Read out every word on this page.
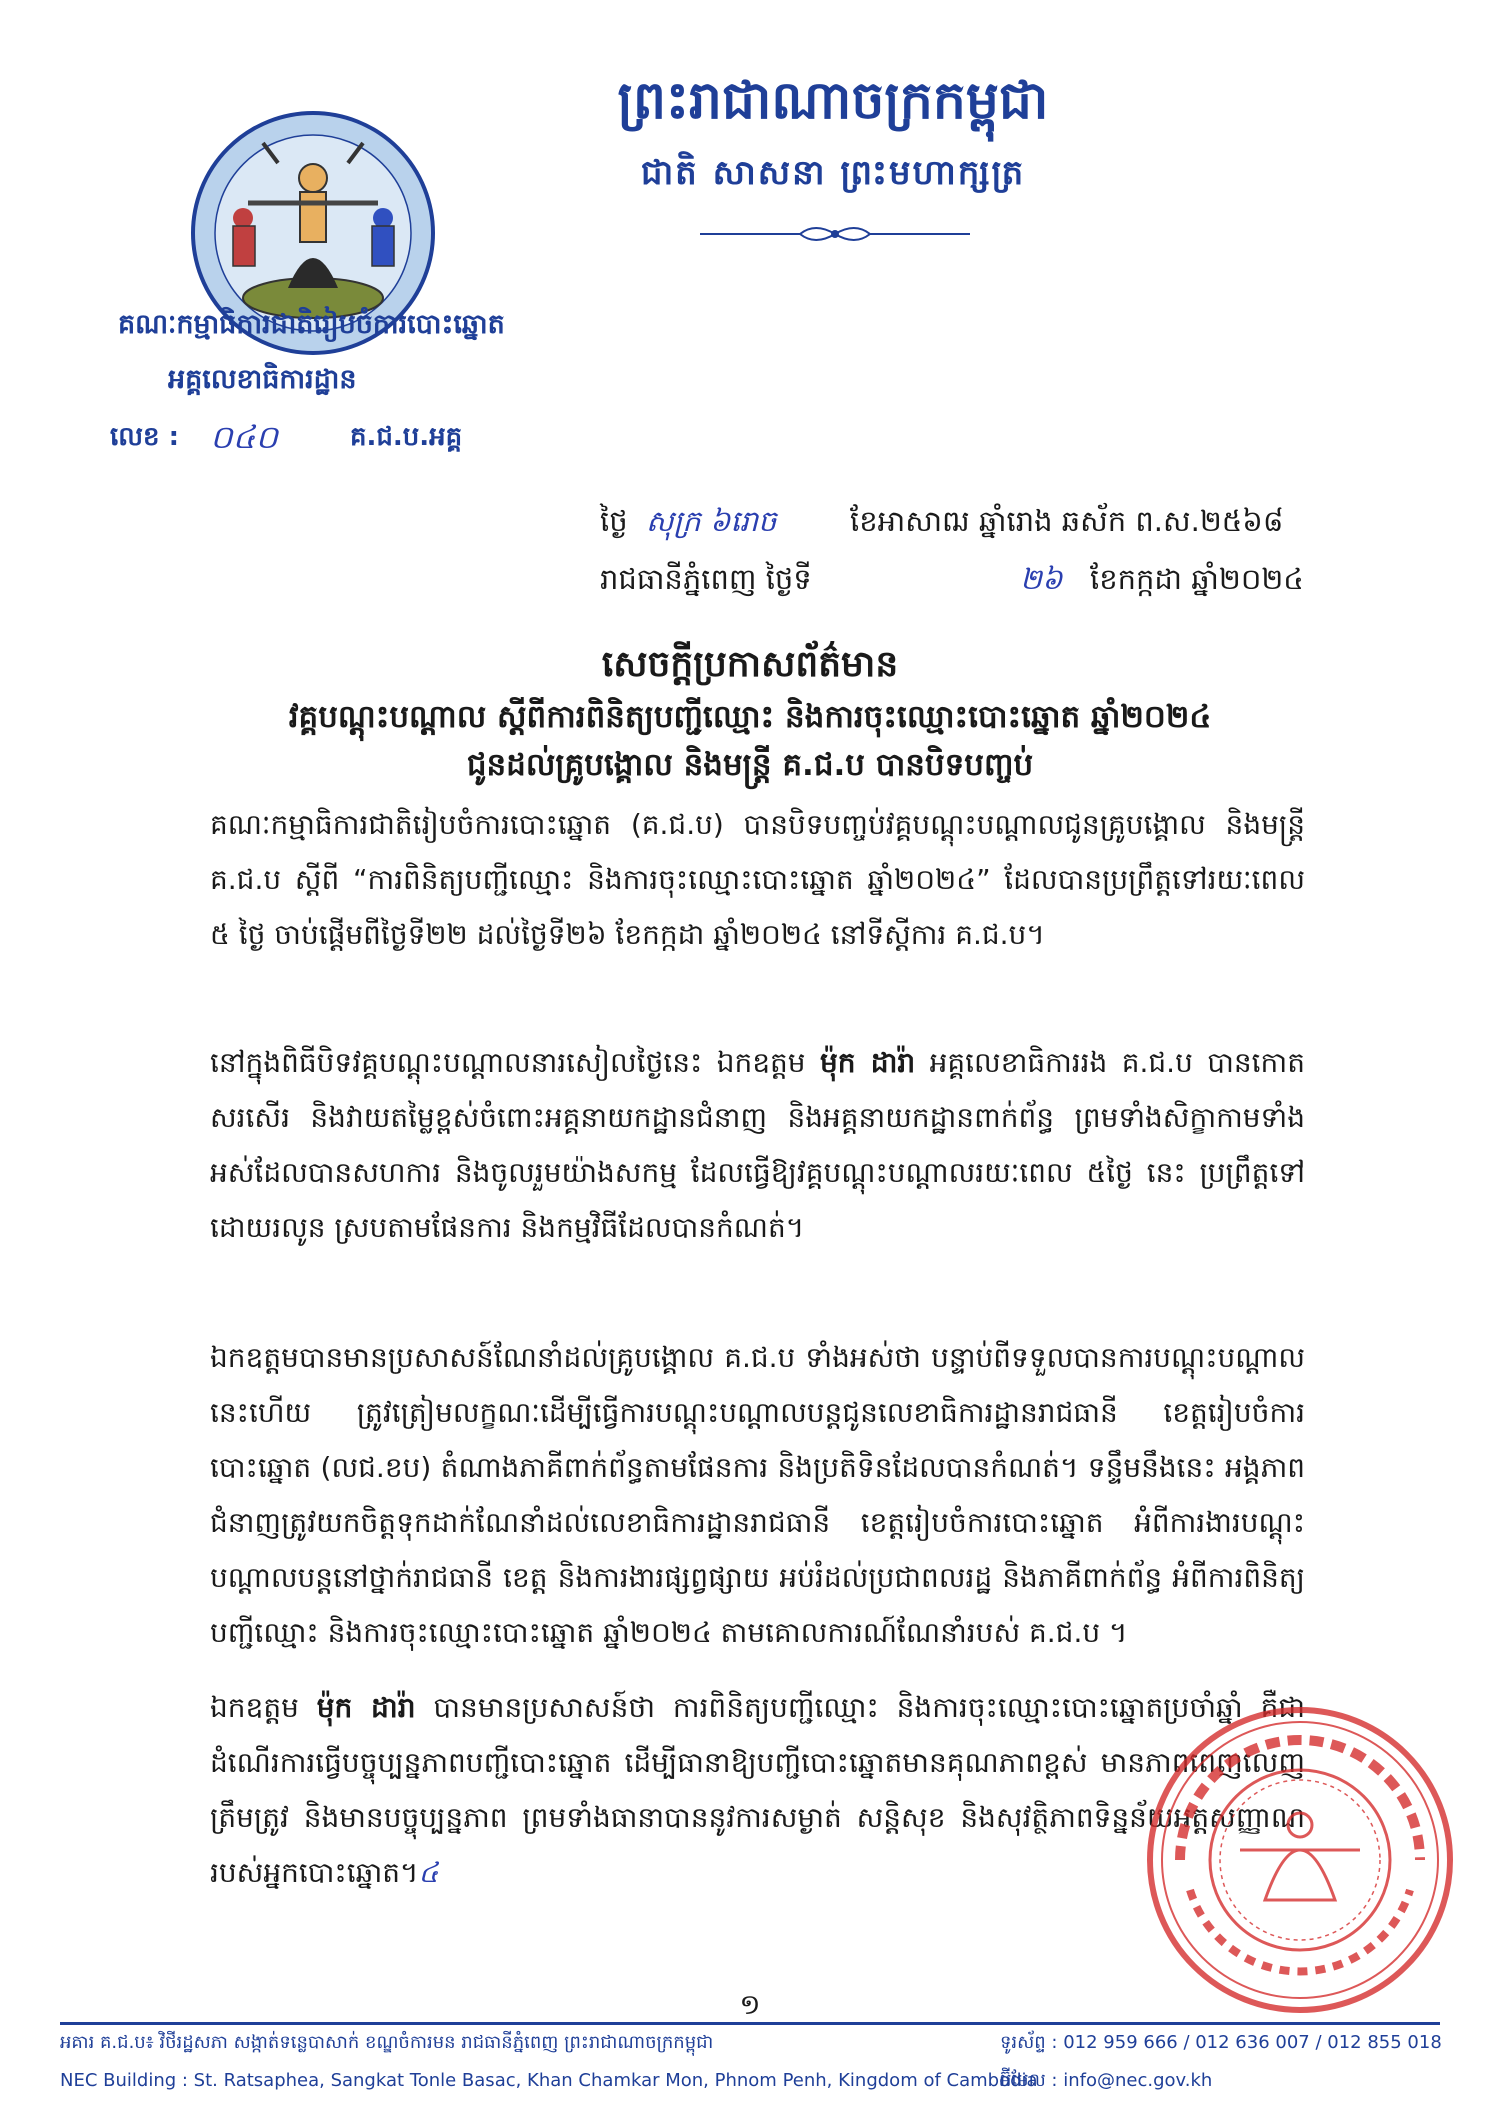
ព្រះរាជាណាចក្រកម្ពុជា
ជាតិ សាសនា ព្រះមហាក្សត្រ
គណៈកម្មាធិការជាតិរៀបចំការបោះឆ្នោត
អគ្គលេខាធិការដ្ឋាន
លេខ : ០៤០	គ.ជ.ប.អគ្គ
ថ្ងៃ សុក្រ ៦រោច	ខែអាសាឍ ឆ្នាំរោង ឆស័ក ព.ស.២៥៦៨
រាជធានីភ្នំពេញ ថ្ងៃទី	២៦ ខែកក្កដា ឆ្នាំ២០២៤
សេចក្តីប្រកាសព័ត៌មាន
វគ្គបណ្តុះបណ្តាល ស្តីពីការពិនិត្យបញ្ជីឈ្មោះ និងការចុះឈ្មោះបោះឆ្នោត ឆ្នាំ២០២៤
ជូនដល់គ្រូបង្គោល និងមន្ត្រី គ.ជ.ប បានបិទបញ្ចប់
គណៈកម្មាធិការជាតិរៀបចំការបោះឆ្នោត (គ.ជ.ប) បានបិទបញ្ចប់វគ្គបណ្តុះបណ្តាលជូនគ្រូបង្គោល និងមន្ត្រី គ.ជ.ប ស្តីពី “ការពិនិត្យបញ្ជីឈ្មោះ និងការចុះឈ្មោះបោះឆ្នោត ឆ្នាំ២០២៤” ដែលបានប្រព្រឹត្តទៅរយៈពេល ៥ ថ្ងៃ ចាប់ផ្តើមពីថ្ងៃទី២២ ដល់ថ្ងៃទី២៦ ខែកក្កដា ឆ្នាំ២០២៤ នៅទីស្តីការ គ.ជ.ប។
នៅក្នុងពិធីបិទវគ្គបណ្តុះបណ្តាលនារសៀលថ្ងៃនេះ ឯកឧត្តម ម៉ុក ដារ៉ា អគ្គលេខាធិការរង គ.ជ.ប បានកោតសរសើរ និងវាយតម្លៃខ្ពស់ចំពោះអគ្គនាយកដ្ឋានជំនាញ និងអគ្គនាយកដ្ឋានពាក់ព័ន្ធ ព្រមទាំងសិក្ខាកាមទាំងអស់ដែលបានសហការ និងចូលរួមយ៉ាងសកម្ម ដែលធ្វើឱ្យវគ្គបណ្តុះបណ្តាលរយៈពេល ៥ថ្ងៃ នេះ ប្រព្រឹត្តទៅដោយរលូន ស្របតាមផែនការ និងកម្មវិធីដែលបានកំណត់។
ឯកឧត្តមបានមានប្រសាសន៍ណែនាំដល់គ្រូបង្គោល គ.ជ.ប ទាំងអស់ថា បន្ទាប់ពីទទួលបានការបណ្តុះបណ្តាលនេះហើយ ត្រូវត្រៀមលក្ខណៈដើម្បីធ្វើការបណ្តុះបណ្តាលបន្តជូនលេខាធិការដ្ឋានរាជធានី ខេត្តរៀបចំការបោះឆ្នោត (លជ.ខប) តំណាងភាគីពាក់ព័ន្ធតាមផែនការ និងប្រតិទិនដែលបានកំណត់។ ទន្ទឹមនឹងនេះ អង្គភាពជំនាញត្រូវយកចិត្តទុកដាក់ណែនាំដល់លេខាធិការដ្ឋានរាជធានី ខេត្តរៀបចំការបោះឆ្នោត អំពីការងារបណ្តុះបណ្តាលបន្តនៅថ្នាក់រាជធានី ខេត្ត និងការងារផ្សព្វផ្សាយ អប់រំដល់ប្រជាពលរដ្ឋ និងភាគីពាក់ព័ន្ធ អំពីការពិនិត្យបញ្ជីឈ្មោះ និងការចុះឈ្មោះបោះឆ្នោត ឆ្នាំ២០២៤ តាមគោលការណ៍ណែនាំរបស់ គ.ជ.ប ។
ឯកឧត្តម ម៉ុក ដារ៉ា បានមានប្រសាសន៍ថា ការពិនិត្យបញ្ជីឈ្មោះ និងការចុះឈ្មោះបោះឆ្នោតប្រចាំឆ្នាំ គឺជាដំណើរការធ្វើបច្ចុប្បន្នភាពបញ្ជីបោះឆ្នោត ដើម្បីធានាឱ្យបញ្ជីបោះឆ្នោតមានគុណភាពខ្ពស់ មានភាពពេញលេញ ត្រឹមត្រូវ និងមានបច្ចុប្បន្នភាព ព្រមទាំងធានាបាននូវការសម្ងាត់ សន្តិសុខ និងសុវត្ថិភាពទិន្នន័យអត្តសញ្ញាណរបស់អ្នកបោះឆ្នោត។៤
១
អគារ គ.ជ.ប៖ វិថីរដ្ឋសភា សង្កាត់ទន្លេបាសាក់ ខណ្ឌចំការមន រាជធានីភ្នំពេញ ព្រះរាជាណាចក្រកម្ពុជា
NEC Building : St. Ratsaphea, Sangkat Tonle Basac, Khan Chamkar Mon, Phnom Penh, Kingdom of Cambodia
ទូរស័ព្ទ : 012 959 666 / 012 636 007 / 012 855 018
អ៊ីមែល : info@nec.gov.kh
